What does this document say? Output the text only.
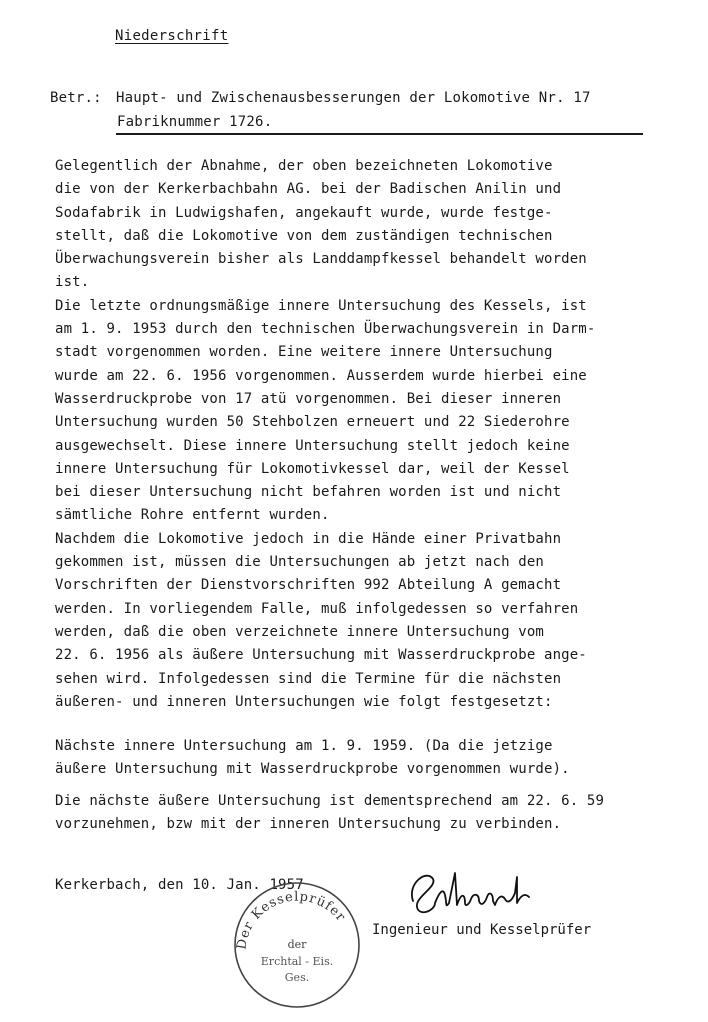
Niederschrift
Betr.: Haupt- und Zwischenausbesserungen der Lokomotive Nr. 17
Fabriknummer 1726.
Gelegentlich der Abnahme, der oben bezeichneten Lokomotive
die von der Kerkerbachbahn AG. bei der Badischen Anilin und
Sodafabrik in Ludwigshafen, angekauft wurde, wurde festge-
stellt, daß die Lokomotive von dem zuständigen technischen
Überwachungsverein bisher als Landdampfkessel behandelt worden
ist.
Die letzte ordnungsmäßige innere Untersuchung des Kessels, ist
am 1. 9. 1953 durch den technischen Überwachungsverein in Darm-
stadt vorgenommen worden. Eine weitere innere Untersuchung
wurde am 22. 6. 1956 vorgenommen. Ausserdem wurde hierbei eine
Wasserdruckprobe von 17 atü vorgenommen. Bei dieser inneren
Untersuchung wurden 50 Stehbolzen erneuert und 22 Siederohre
ausgewechselt. Diese innere Untersuchung stellt jedoch keine
innere Untersuchung für Lokomotivkessel dar, weil der Kessel
bei dieser Untersuchung nicht befahren worden ist und nicht
sämtliche Rohre entfernt wurden.
Nachdem die Lokomotive jedoch in die Hände einer Privatbahn
gekommen ist, müssen die Untersuchungen ab jetzt nach den
Vorschriften der Dienstvorschriften 992 Abteilung A gemacht
werden. In vorliegendem Falle, muß infolgedessen so verfahren
werden, daß die oben verzeichnete innere Untersuchung vom
22. 6. 1956 als äußere Untersuchung mit Wasserdruckprobe ange-
sehen wird. Infolgedessen sind die Termine für die nächsten
äußeren- und inneren Untersuchungen wie folgt festgesetzt:
Nächste innere Untersuchung am 1. 9. 1959. (Da die jetzige
äußere Untersuchung mit Wasserdruckprobe vorgenommen wurde).
Die nächste äußere Untersuchung ist dementsprechend am 22. 6. 59
vorzunehmen, bzw mit der inneren Untersuchung zu verbinden.
Kerkerbach, den 10. Jan. 1957
Der Kesselprüfer
der
Erchtal - Eis.
Ges.
Ingenieur und Kesselprüfer
